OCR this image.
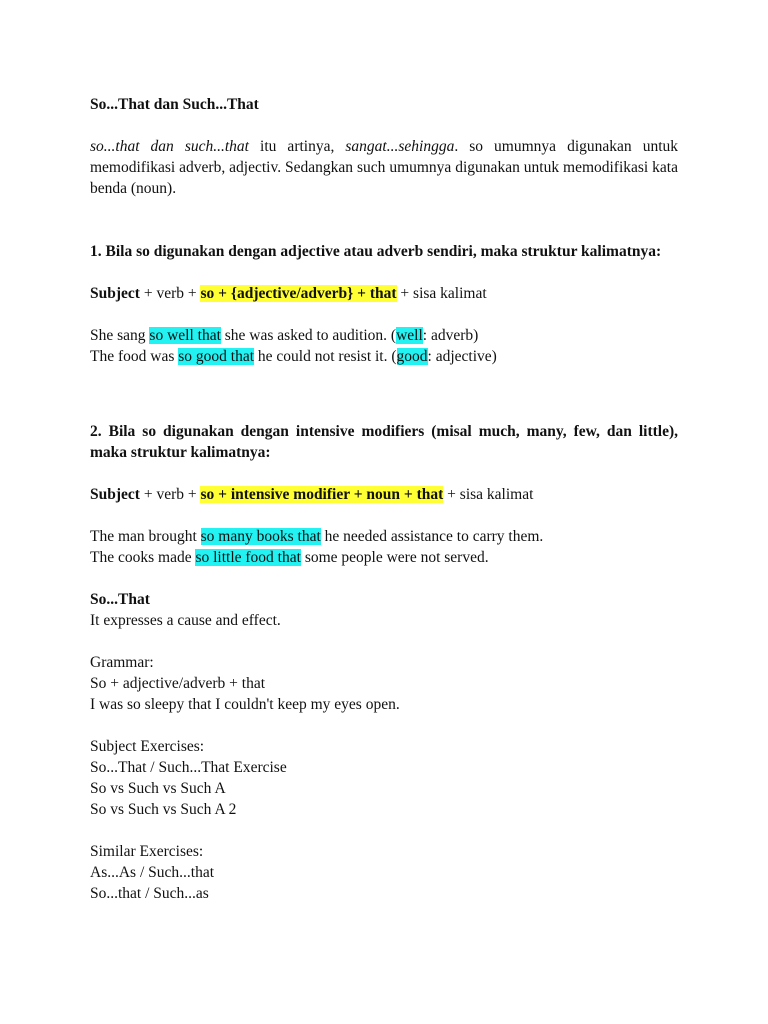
So...That dan Such...That

so...that dan such...that itu artinya, sangat...sehingga. so umumnya digunakan untuk memodifikasi adverb, adjectiv. Sedangkan such umumnya digunakan untuk memodifikasi kata benda (noun).

1. Bila so digunakan dengan adjective atau adverb sendiri, maka struktur kalimatnya:

Subject + verb + so + {adjective/adverb} + that + sisa kalimat

She sang so well that she was asked to audition. (well: adverb)

The food was so good that he could not resist it. (good: adjective)

2. Bila so digunakan dengan intensive modifiers (misal much, many, few, dan little), maka struktur kalimatnya:

Subject + verb + so + intensive modifier + noun + that + sisa kalimat

The man brought so many books that he needed assistance to carry them.

The cooks made so little food that some people were not served.

So...That

It expresses a cause and effect.

Grammar:

So + adjective/adverb + that

I was so sleepy that I couldn't keep my eyes open.

Subject Exercises:

So...That / Such...That Exercise

So vs Such vs Such A

So vs Such vs Such A 2

Similar Exercises:

As...As / Such...that

So...that / Such...as
